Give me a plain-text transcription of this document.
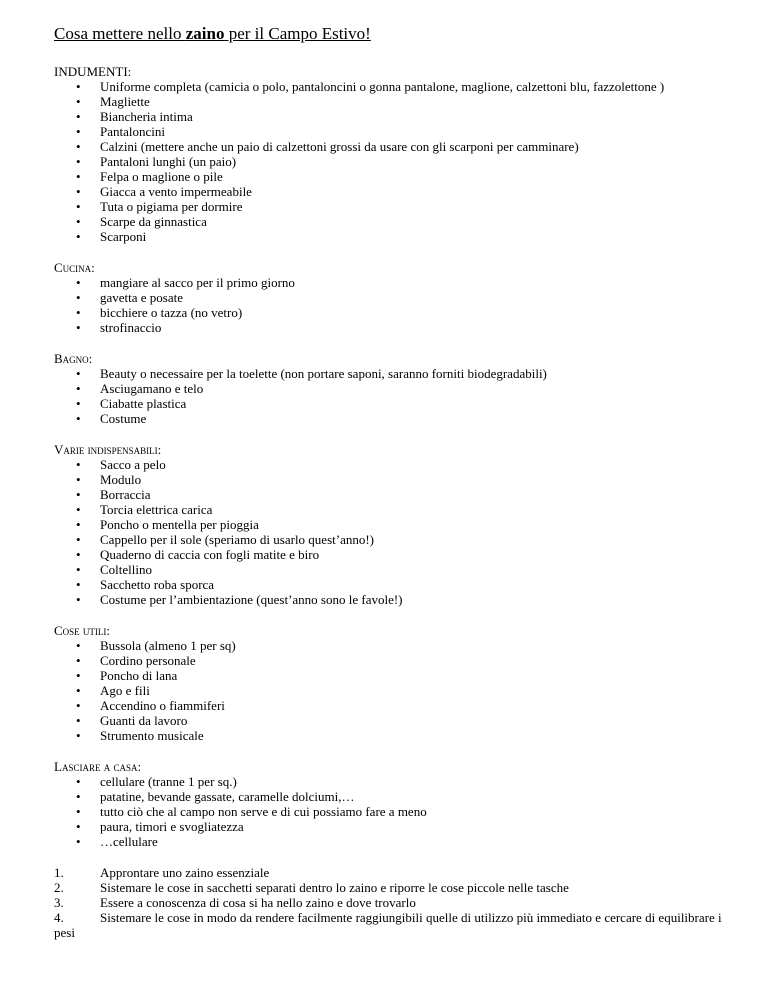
Cosa mettere nello zaino per il Campo Estivo!
INDUMENTI:
• Uniforme completa (camicia o polo, pantaloncini o gonna pantalone, maglione, calzettoni blu, fazzolettone )
• Magliette
• Biancheria intima
• Pantaloncini
• Calzini (mettere anche un paio di calzettoni grossi da usare con gli scarponi per camminare)
• Pantaloni lunghi (un paio)
• Felpa o maglione o pile
• Giacca a vento impermeabile
• Tuta o pigiama per dormire
• Scarpe da ginnastica
• Scarponi
Cucina:
• mangiare al sacco per il primo giorno
• gavetta e posate
• bicchiere o tazza (no vetro)
• strofinaccio
Bagno:
• Beauty o necessaire per la toelette (non portare saponi, saranno forniti biodegradabili)
• Asciugamano e telo
• Ciabatte plastica
• Costume
Varie indispensabili:
• Sacco a pelo
• Modulo
• Borraccia
• Torcia elettrica carica
• Poncho o mentella per pioggia
• Cappello per il sole (speriamo di usarlo quest’anno!)
• Quaderno di caccia con fogli matite e biro
• Coltellino
• Sacchetto roba sporca
• Costume per l’ambientazione (quest’anno sono le favole!)
Cose utili:
• Bussola (almeno 1 per sq)
• Cordino personale
• Poncho di lana
• Ago e fili
• Accendino o fiammiferi
• Guanti da lavoro
• Strumento musicale
Lasciare a casa:
• cellulare (tranne 1 per sq.)
• patatine, bevande gassate, caramelle dolciumi,…
• tutto ciò che al campo non serve e di cui possiamo fare a meno
• paura, timori e svogliatezza
• …cellulare
1.	Approntare uno zaino essenziale
2.	Sistemare le cose in sacchetti separati dentro lo zaino e riporre le cose piccole nelle tasche
3.	Essere a conoscenza di cosa si ha nello zaino e dove trovarlo
4.	Sistemare le cose in modo da rendere facilmente raggiungibili quelle di utilizzo più immediato e cercare di equilibrare i pesi
